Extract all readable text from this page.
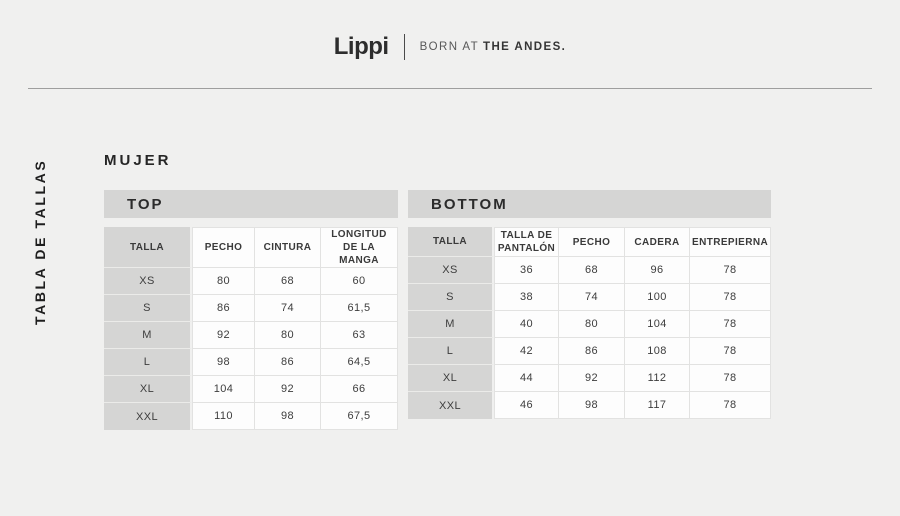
Lippi	BORN AT THE ANDES.
TABLA DE TALLAS	MUJER
TOP
TALLA	PECHO	CINTURA	LONGITUD DE LA MANGA
XS	80	68	60
S	86	74	61,5
M	92	80	63
L	98	86	64,5
XL	104	92	66
XXL	110	98	67,5
BOTTOM
TALLA	TALLA DE PANTALÓN	PECHO	CADERA	ENTREPIERNA
XS	36	68	96	78
S	38	74	100	78
M	40	80	104	78
L	42	86	108	78
XL	44	92	112	78
XXL	46	98	117	78
